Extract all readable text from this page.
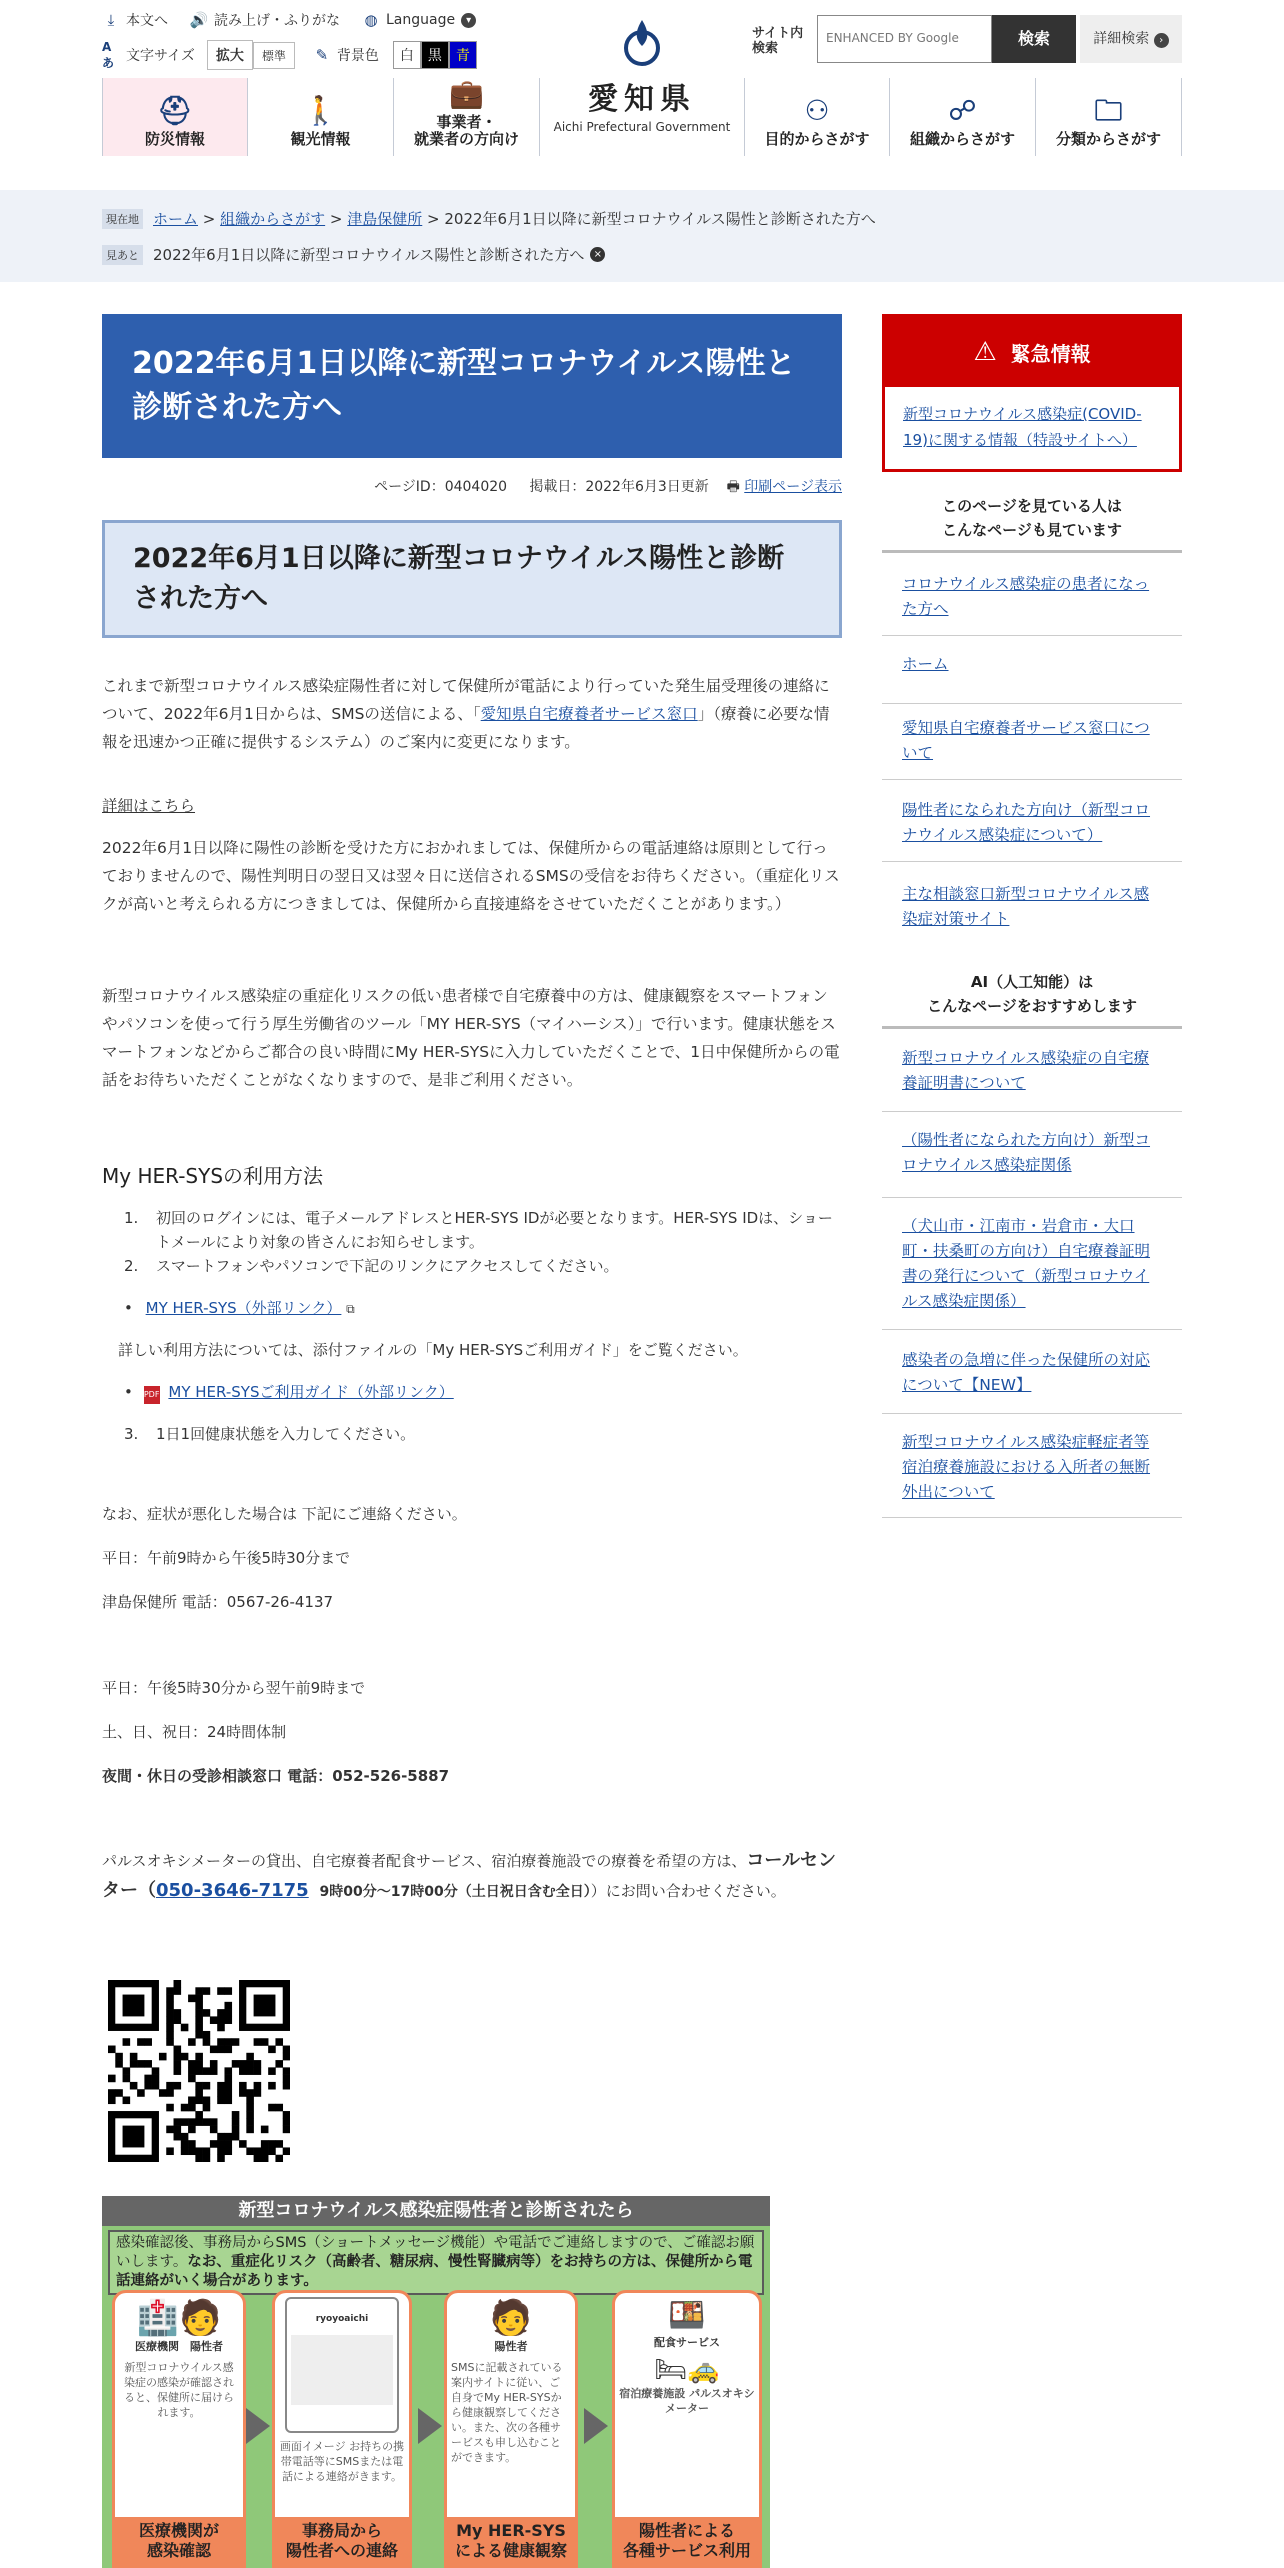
⤓ 本文へ 🔊 読み上げ・ふりがな ◍ Language	▾
Aあ 文字サイズ	拡大	標準	✎ 背景色	白	黒	青
愛知県
Aichi Prefectural Government
サイト内
検索
ENHANCED BY Google	検索	詳細検索 ›
⛑
防災情報
🚶
観光情報
💼
事業者・
就業者の方向け
⚇
目的からさがす
☍
組織からさがす
🗀
分類からさがす
現在地 ホーム > 組織からさがす > 津島保健所 > 2022年6月1日以降に新型コロナウイルス陽性と診断された方へ
見あと 2022年6月1日以降に新型コロナウイルス陽性と診断された方へ ×
2022年6月1日以降に新型コロナウイルス陽性と診断された方へ
ページID：0404020 掲載日：2022年6月3日更新 🖶 印刷ページ表示
2022年6月1日以降に新型コロナウイルス陽性と診断された方へ

これまで新型コロナウイルス感染症陽性者に対して保健所が電話により行っていた発生届受理後の連絡について、2022年6月1日からは、SMSの送信による、「愛知県自宅療養者サービス窓口」（療養に必要な情報を迅速かつ正確に提供するシステム）のご案内に変更になります。

詳細はこちら

2022年6月1日以降に陽性の診断を受けた方におかれましては、保健所からの電話連絡は原則として行っておりませんので、陽性判明日の翌日又は翌々日に送信されるSMSの受信をお待ちください。（重症化リスクが高いと考えられる方につきましては、保健所から直接連絡をさせていただくことがあります。）

新型コロナウイルス感染症の重症化リスクの低い患者様で自宅療養中の方は、健康観察をスマートフォンやパソコンを使って行う厚生労働省のツール「MY HER-SYS（マイハーシス）」で行います。健康状態をスマートフォンなどからご都合の良い時間にMy HER-SYSに入力していただくことで、1日中保健所からの電話をお待ちいただくことがなくなりますので、是非ご利用ください。

My HER-SYSの利用方法
1.	初回のログインには、電子メールアドレスとHER-SYS IDが必要となります。HER-SYS IDは、ショートメールにより対象の皆さんにお知らせします。
2.	スマートフォンやパソコンで下記のリンクにアクセスしてください。
• MY HER-SYS（外部リンク） ⧉
詳しい利用方法については、添付ファイルの「My HER-SYSご利用ガイド」をご覧ください。
• PDF MY HER-SYSご利用ガイド（外部リンク）
3.	1日1回健康状態を入力してください。

なお、症状が悪化した場合は 下記にご連絡ください。

平日：午前9時から午後5時30分まで

津島保健所 電話：0567-26-4137

平日：午後5時30分から翌午前9時まで

土、日、祝日：24時間体制

夜間・休日の受診相談窓口 電話：052-526-5887

パルスオキシメーターの貸出、自宅療養者配食サービス、宿泊療養施設での療養を希望の方は、コールセンター（050-3646-7175 9時00分～17時00分（土日祝日含む全日））にお問い合わせください。

新型コロナウイルス感染症陽性者と診断されたら
感染確認後、事務局からSMS（ショートメッセージ機能）や電話でご連絡しますので、ご確認お願いします。なお、重症化リスク（高齢者、糖尿病、慢性腎臓病等）をお持ちの方は、保健所から電話連絡がいく場合があります。
🏥🧑
医療機関　陽性者
新型コロナウイルス感染症の感染が確認されると、保健所に届けられます。
医療機関が
感染確認
ryoyoaichi
画面イメージ お持ちの携帯電話等にSMSまたは電話による連絡がきます。
事務局から
陽性者への連絡
🧑
陽性者
SMSに記載されている案内サイトに従い、ご自身でMy HER-SYSから健康観察してください。また、次の各種サービスも申し込むことができます。
My HER-SYS
による健康観察
🍱
配食サービス
🛏🚕
宿泊療養施設 パルスオキシメーター
陽性者による
各種サービス利用
⚠ 緊急情報
新型コロナウイルス感染症(COVID-19)に関する情報（特設サイトへ）
このページを見ている人は
こんなページも見ています
コロナウイルス感染症の患者になった方へ
ホーム
愛知県自宅療養者サービス窓口について
陽性者になられた方向け（新型コロナウイルス感染症について）
主な相談窓口新型コロナウイルス感染症対策サイト
AI（人工知能）は
こんなページをおすすめします
新型コロナウイルス感染症の自宅療養証明書について
（陽性者になられた方向け）新型コロナウイルス感染症関係
（犬山市・江南市・岩倉市・大口町・扶桑町の方向け）自宅療養証明書の発行について（新型コロナウイルス感染症関係）
感染者の急増に伴った保健所の対応について【NEW】
新型コロナウイルス感染症軽症者等宿泊療養施設における入所者の無断外出について
